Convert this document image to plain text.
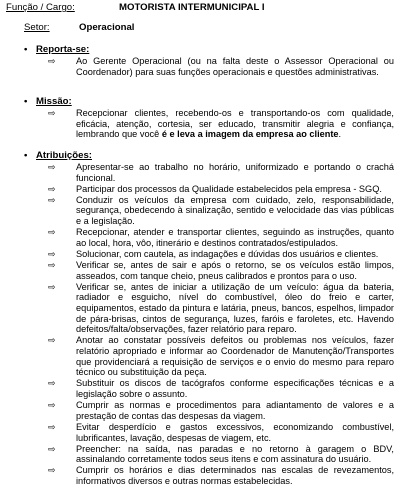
Função / Cargo:	MOTORISTA INTERMUNICIPAL I
Setor:	Operacional
• Reporta-se:
⇨ Ao Gerente Operacional (ou na falta deste o Assessor Operacional ou Coordenador) para suas funções operacionais e questões administrativas.
• Missão:
⇨ Recepcionar clientes, recebendo-os e transportando-os com qualidade, eficácia, atenção, cortesia, ser educado, transmitir alegria e confiança, lembrando que você é e leva a imagem da empresa ao cliente.
• Atribuições:
⇨ Apresentar-se ao trabalho no horário, uniformizado e portando o crachá funcional.
⇨ Participar dos processos da Qualidade estabelecidos pela empresa - SGQ.
⇨ Conduzir os veículos da empresa com cuidado, zelo, responsabilidade, segurança, obedecendo à sinalização, sentido e velocidade das vias públicas e a legislação.
⇨ Recepcionar, atender e transportar clientes, seguindo as instruções, quanto ao local, hora, vôo, itinerário e destinos contratados/estipulados.
⇨ Solucionar, com cautela, as indagações e dúvidas dos usuários e clientes.
⇨ Verificar se, antes de sair e após o retorno, se os veículos estão limpos, asseados, com tanque cheio, pneus calibrados e prontos para o uso.
⇨ Verificar se, antes de iniciar a utilização de um veículo: água da bateria, radiador e esguicho, nível do combustível, óleo do freio e carter, equipamentos, estado da pintura e latária, pneus, bancos, espelhos, limpador de pára-brisas, cintos de segurança, luzes, faróis e faroletes, etc. Havendo defeitos/falta/observações, fazer relatório para reparo.
⇨ Anotar ao constatar possíveis defeitos ou problemas nos veículos, fazer relatório apropriado e informar ao Coordenador de Manutenção/Transportes que providenciará a requisição de serviços e o envio do mesmo para reparo técnico ou substituição da peça.
⇨ Substituir os discos de tacógrafos conforme especificações técnicas e a legislação sobre o assunto.
⇨ Cumprir as normas e procedimentos para adiantamento de valores e a prestação de contas das despesas da viagem.
⇨ Evitar desperdício e gastos excessivos, economizando combustível, lubrificantes, lavação, despesas de viagem, etc.
⇨ Preencher: na saída, nas paradas e no retorno à garagem o BDV, assinalando corretamente todos seus itens e com assinatura do usuário.
⇨ Cumprir os horários e dias determinados nas escalas de revezamentos, informativos diversos e outras normas estabelecidas.
